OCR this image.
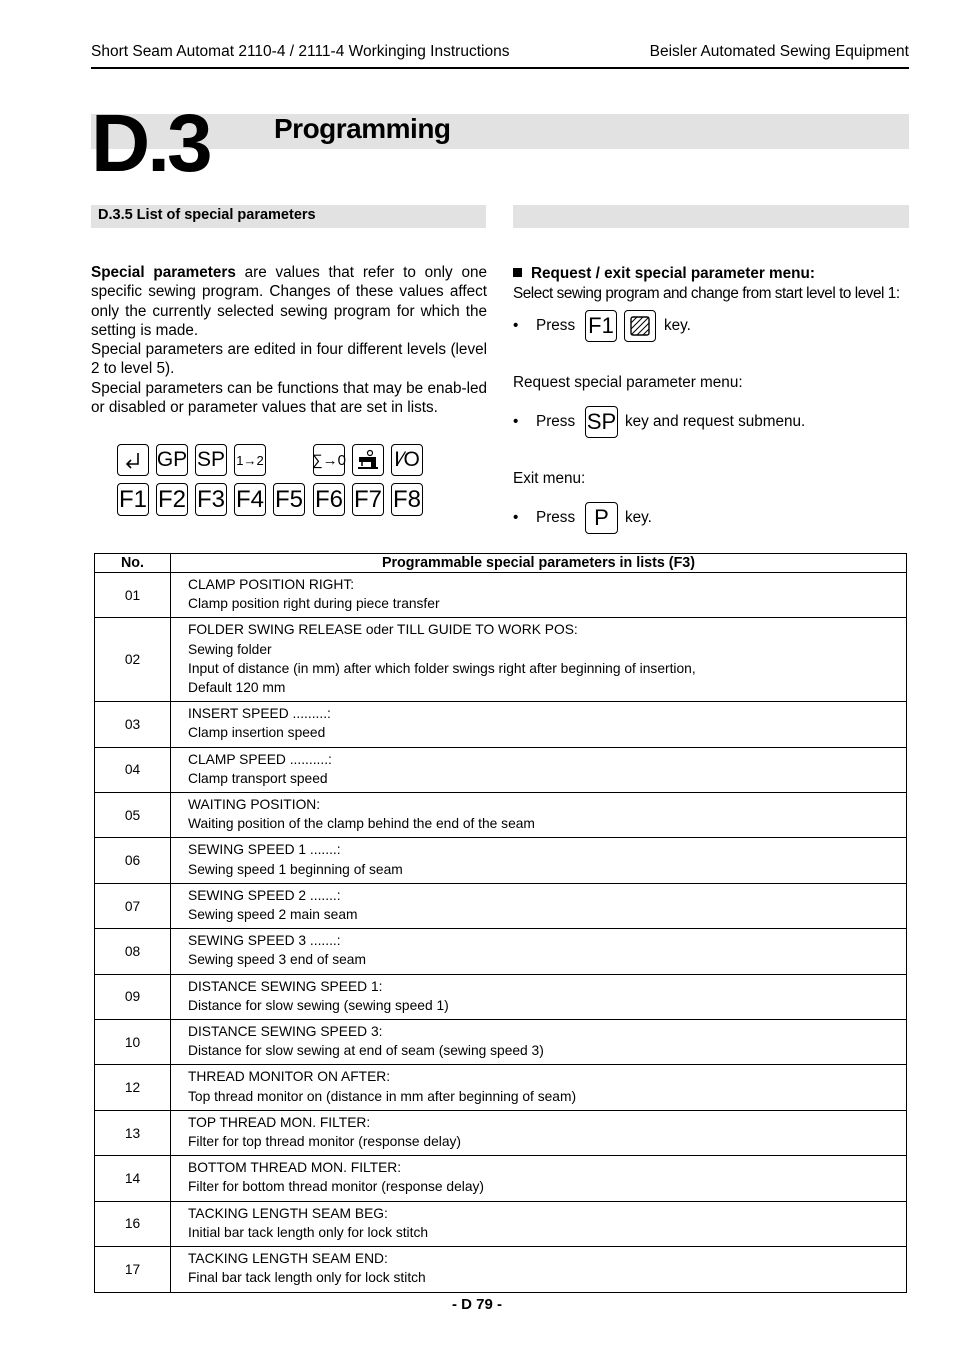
Short Seam Automat 2110-4 / 2111-4 Workinging Instructions	Beisler Automated Sewing Equipment
D.3 Programming
D.3.5 List of special parameters

Special parameters are values that refer to only one specific sewing program. Changes of these values affect only the currently selected sewing program for which the setting is made.

Special parameters are edited in four different levels (level 2 to level 5).

Special parameters can be functions that may be enab-led or disabled or parameter values that are set in lists.

GP SP 1→2	∑→0 I⁄O
F1 F2 F3 F4 F5 F6 F7 F8
Request / exit special parameter menu:
Select sewing program and change from start level to level 1:
• Press F1	key.
Request special parameter menu:
• Press SP key and request submenu.
Exit menu:
• Press P	key.
No.	Programmable special parameters in lists (F3)
01	CLAMP POSITION RIGHT:
Clamp position right during piece transfer

02	FOLDER SWING RELEASE oder TILL GUIDE TO WORK POS:
Sewing folder
Input of distance (in mm) after which folder swings right after beginning of insertion,
Default 120 mm

03	INSERT SPEED .........:
Clamp insertion speed

04	CLAMP SPEED ..........:
Clamp transport speed

05	WAITING POSITION:
Waiting position of the clamp behind the end of the seam

06	SEWING SPEED 1 .......:
Sewing speed 1 beginning of seam

07	SEWING SPEED 2 .......:
Sewing speed 2 main seam

08	SEWING SPEED 3 .......:
Sewing speed 3 end of seam

09	DISTANCE SEWING SPEED 1:
Distance for slow sewing (sewing speed 1)

10	DISTANCE SEWING SPEED 3:
Distance for slow sewing at end of seam (sewing speed 3)

12	THREAD MONITOR ON AFTER:
Top thread monitor on (distance in mm after beginning of seam)

13	TOP THREAD MON. FILTER:
Filter for top thread monitor (response delay)

14	BOTTOM THREAD MON. FILTER:
Filter for bottom thread monitor (response delay)

16	TACKING LENGTH SEAM BEG:
Initial bar tack length only for lock stitch

17	TACKING LENGTH SEAM END:
Final bar tack length only for lock stitch
- D 79 -
